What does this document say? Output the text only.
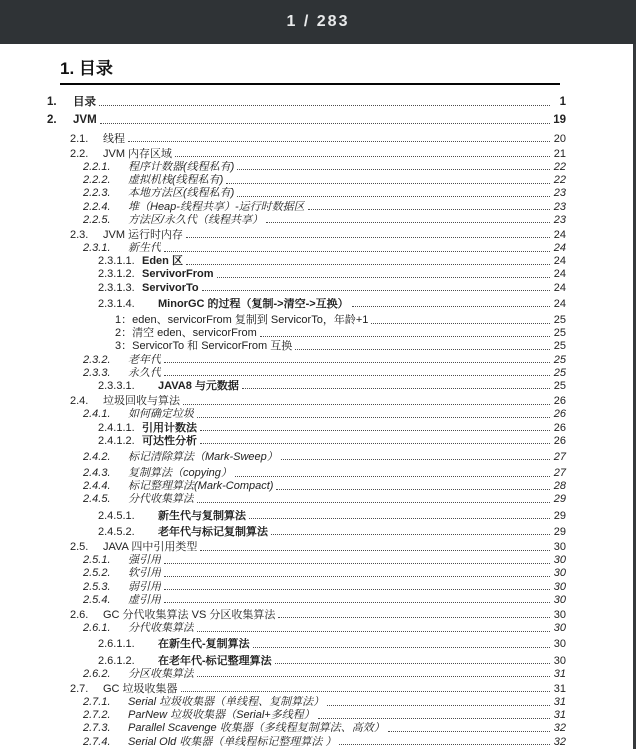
1 / 283
1. 目录
1.	目录	1
2.	JVM	19
2.1.	线程	20
2.2.	JVM 内存区域	21
2.2.1.	程序计数器(线程私有)	22
2.2.2.	虚拟机栈(线程私有)	22
2.2.3.	本地方法区(线程私有)	23
2.2.4.	堆（Heap-线程共享）-运行时数据区	23
2.2.5.	方法区/永久代（线程共享）	23
2.3.	JVM 运行时内存	24
2.3.1.	新生代	24
2.3.1.1. Eden 区	24
2.3.1.2. ServivorFrom	24
2.3.1.3. ServivorTo	24
2.3.1.4.	MinorGC 的过程（复制->清空->互换）	24
1：eden、servicorFrom 复制到 ServicorTo，年龄+1	25
2：清空 eden、servicorFrom	25
3：ServicorTo 和 ServicorFrom 互换	25
2.3.2.	老年代	25
2.3.3.	永久代	25
2.3.3.1.	JAVA8 与元数据	25
2.4.	垃圾回收与算法	26
2.4.1.	如何确定垃圾	26
2.4.1.1. 引用计数法	26
2.4.1.2. 可达性分析	26
2.4.2.	标记清除算法（Mark-Sweep）	27
2.4.3.	复制算法（copying）	27
2.4.4.	标记整理算法(Mark-Compact)	28
2.4.5.	分代收集算法	29
2.4.5.1.	新生代与复制算法	29
2.4.5.2.	老年代与标记复制算法	29
2.5.	JAVA 四中引用类型	30
2.5.1.	强引用	30
2.5.2.	软引用	30
2.5.3.	弱引用	30
2.5.4.	虚引用	30
2.6.	GC 分代收集算法 VS 分区收集算法	30
2.6.1.	分代收集算法	30
2.6.1.1.	在新生代-复制算法	30
2.6.1.2.	在老年代-标记整理算法	30
2.6.2.	分区收集算法	31
2.7.	GC 垃圾收集器	31
2.7.1.	Serial 垃圾收集器（单线程、复制算法）	31
2.7.2.	ParNew 垃圾收集器（Serial+多线程）	31
2.7.3.	Parallel Scavenge 收集器（多线程复制算法、高效）	32
2.7.4.	Serial Old 收集器（单线程标记整理算法 ）	32
